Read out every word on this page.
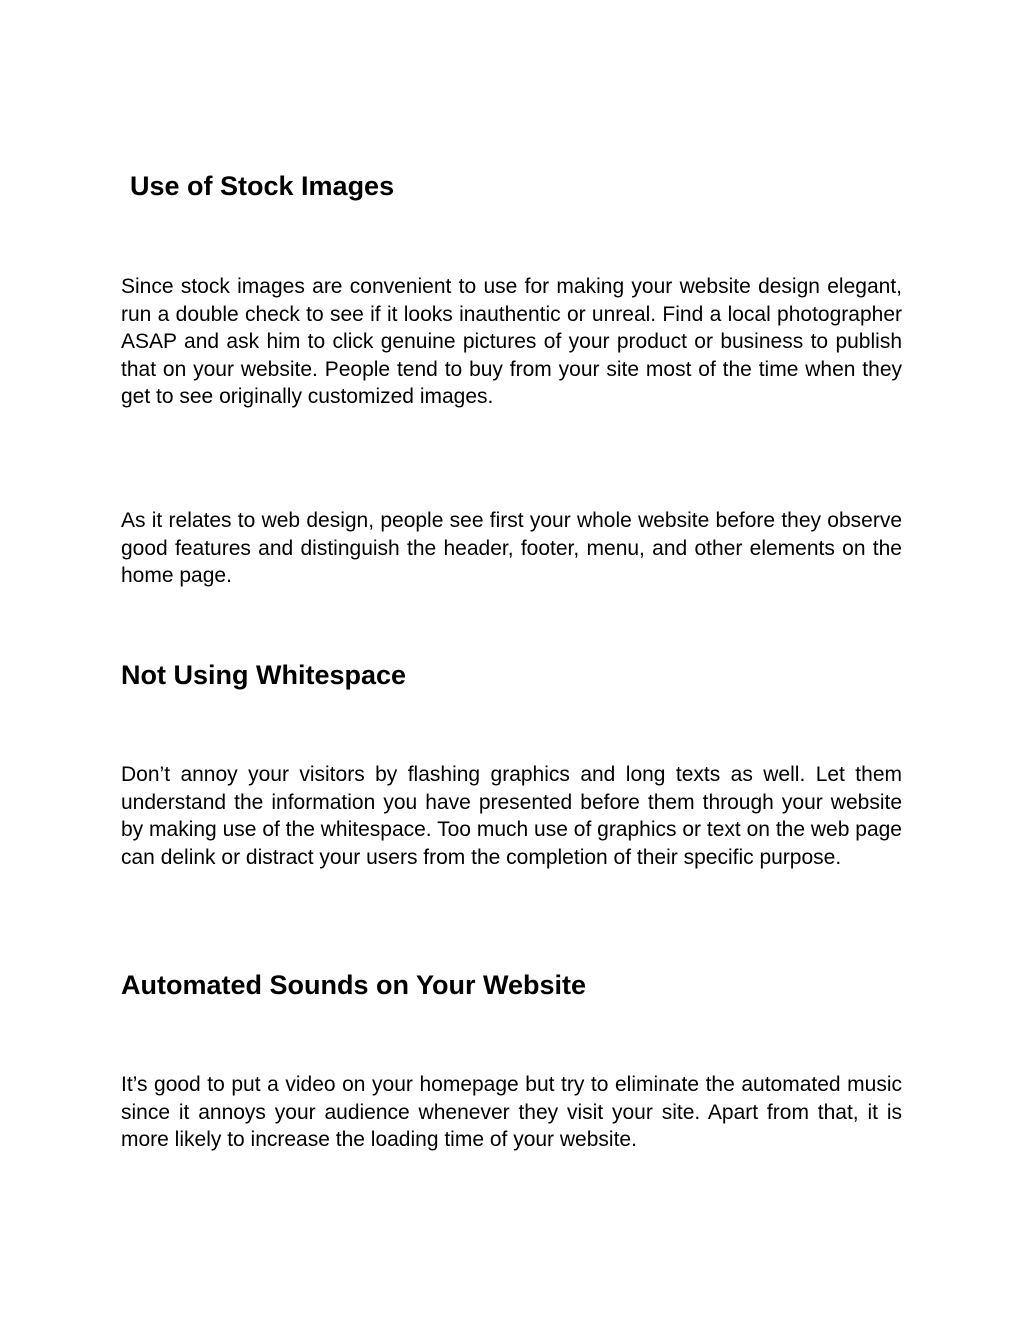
Use of Stock Images

Since stock images are convenient to use for making your website design elegant, run a double check to see if it looks inauthentic or unreal. Find a local photographer ASAP and ask him to click genuine pictures of your product or business to publish that on your website. People tend to buy from your site most of the time when they get to see originally customized images.

As it relates to web design, people see first your whole website before they observe good features and distinguish the header, footer, menu, and other elements on the home page.

Not Using Whitespace

Don’t annoy your visitors by flashing graphics and long texts as well. Let them understand the information you have presented before them through your website by making use of the whitespace. Too much use of graphics or text on the web page can delink or distract your users from the completion of their specific purpose.

Automated Sounds on Your Website

It’s good to put a video on your homepage but try to eliminate the automated music since it annoys your audience whenever they visit your site. Apart from that, it is more likely to increase the loading time of your website.
